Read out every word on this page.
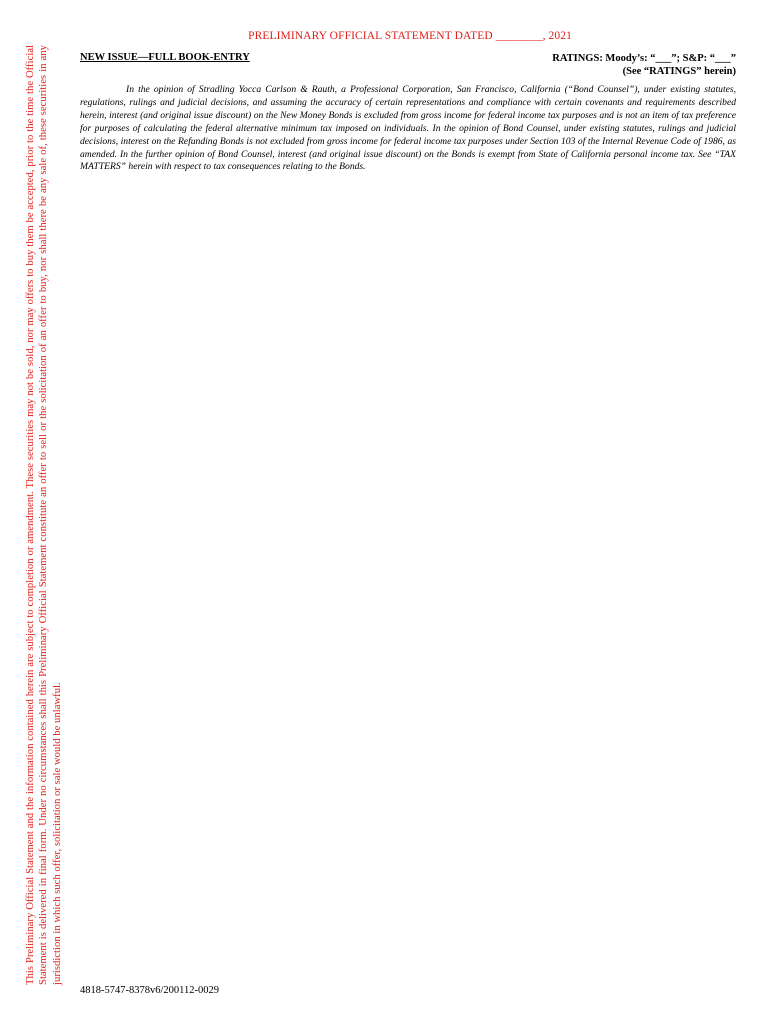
This Preliminary Official Statement and the information contained herein are subject to completion or amendment. These securities may not be sold, nor may offers to buy them be accepted, prior to the time the Official Statement is delivered in final form. Under no circumstances shall this Preliminary Official Statement constitute an offer to sell or the solicitation of an offer to buy, nor shall there be any sale of, these securities in any jurisdiction in which such offer, solicitation or sale would be unlawful.
PRELIMINARY OFFICIAL STATEMENT DATED ________, 2021
NEW ISSUE—FULL BOOK-ENTRY	RATINGS: Moody’s: “___”; S&P: “___”
(See “RATINGS” herein)

In the opinion of Stradling Yocca Carlson & Rauth, a Professional Corporation, San Francisco, California (“Bond Counsel”), under existing statutes, regulations, rulings and judicial decisions, and assuming the accuracy of certain representations and compliance with certain covenants and requirements described herein, interest (and original issue discount) on the New Money Bonds is excluded from gross income for federal income tax purposes and is not an item of tax preference for purposes of calculating the federal alternative minimum tax imposed on individuals. In the opinion of Bond Counsel, under existing statutes, rulings and judicial decisions, interest on the Refunding Bonds is not excluded from gross income for federal income tax purposes under Section 103 of the Internal Revenue Code of 1986, as amended. In the further opinion of Bond Counsel, interest (and original issue discount) on the Bonds is exempt from State of California personal income tax. See “TAX MATTERS” herein with respect to tax consequences relating to the Bonds.

4818-5747-8378v6/200112-0029
